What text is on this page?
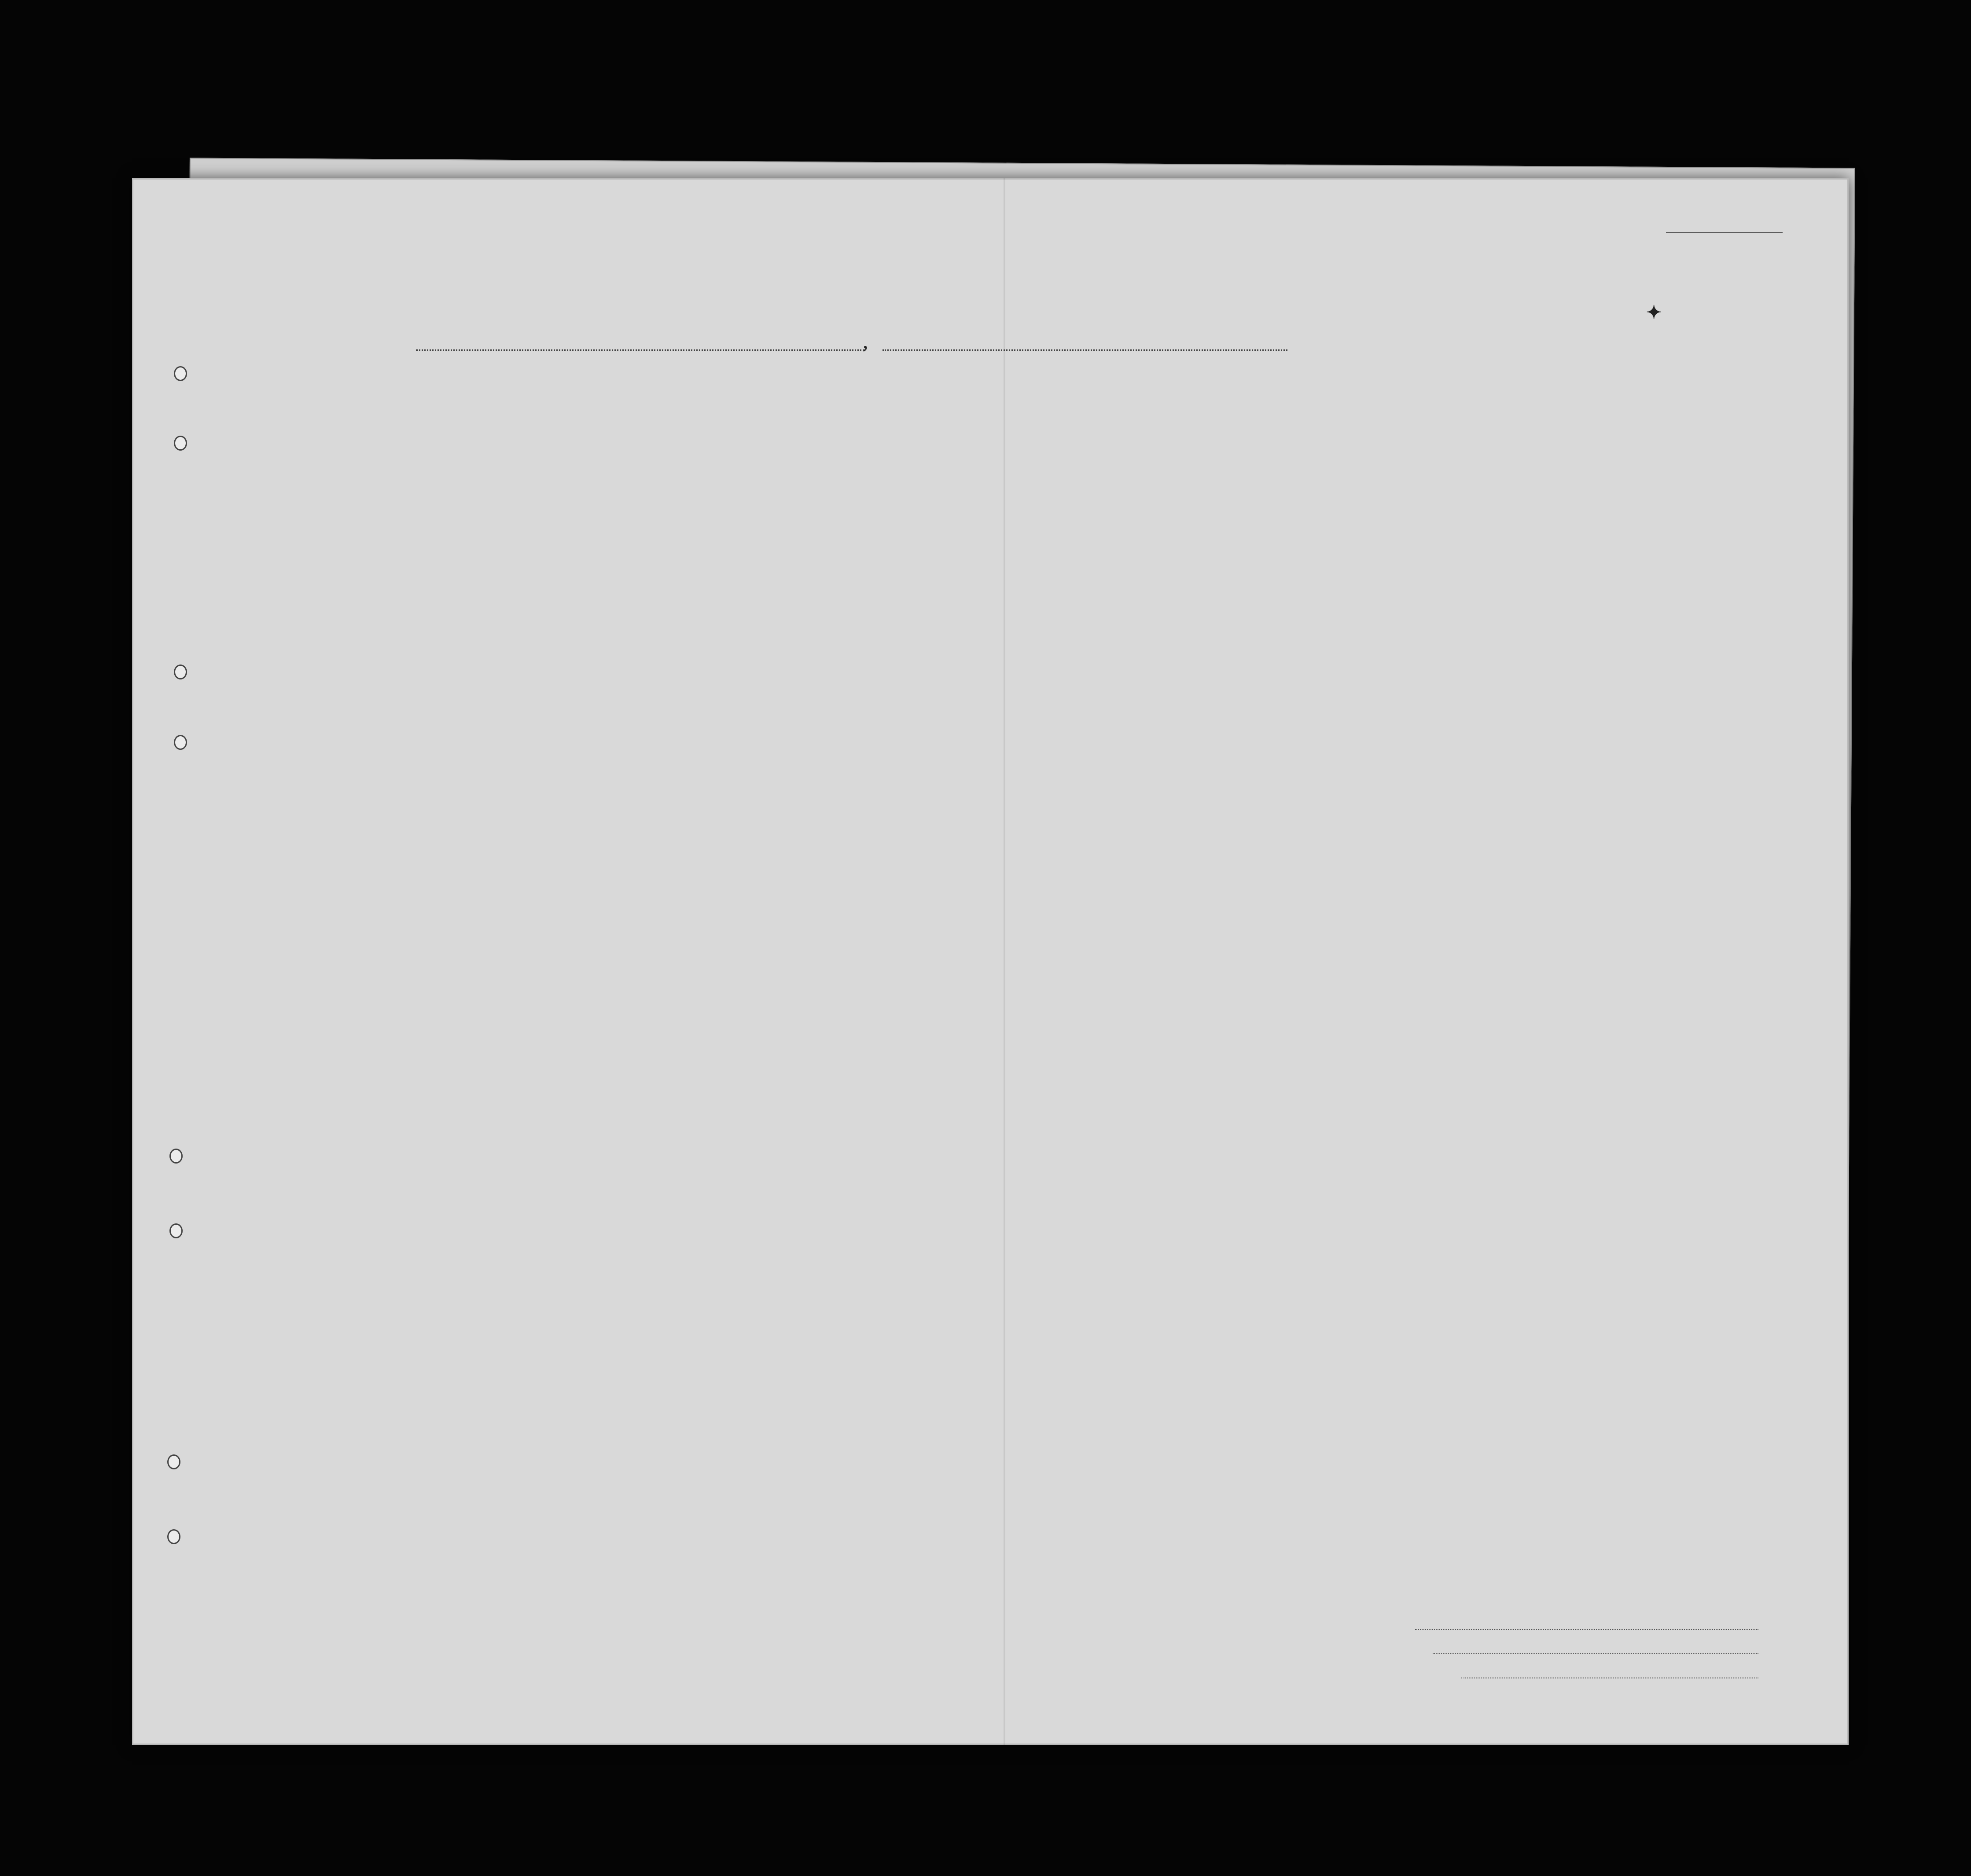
✦
,
